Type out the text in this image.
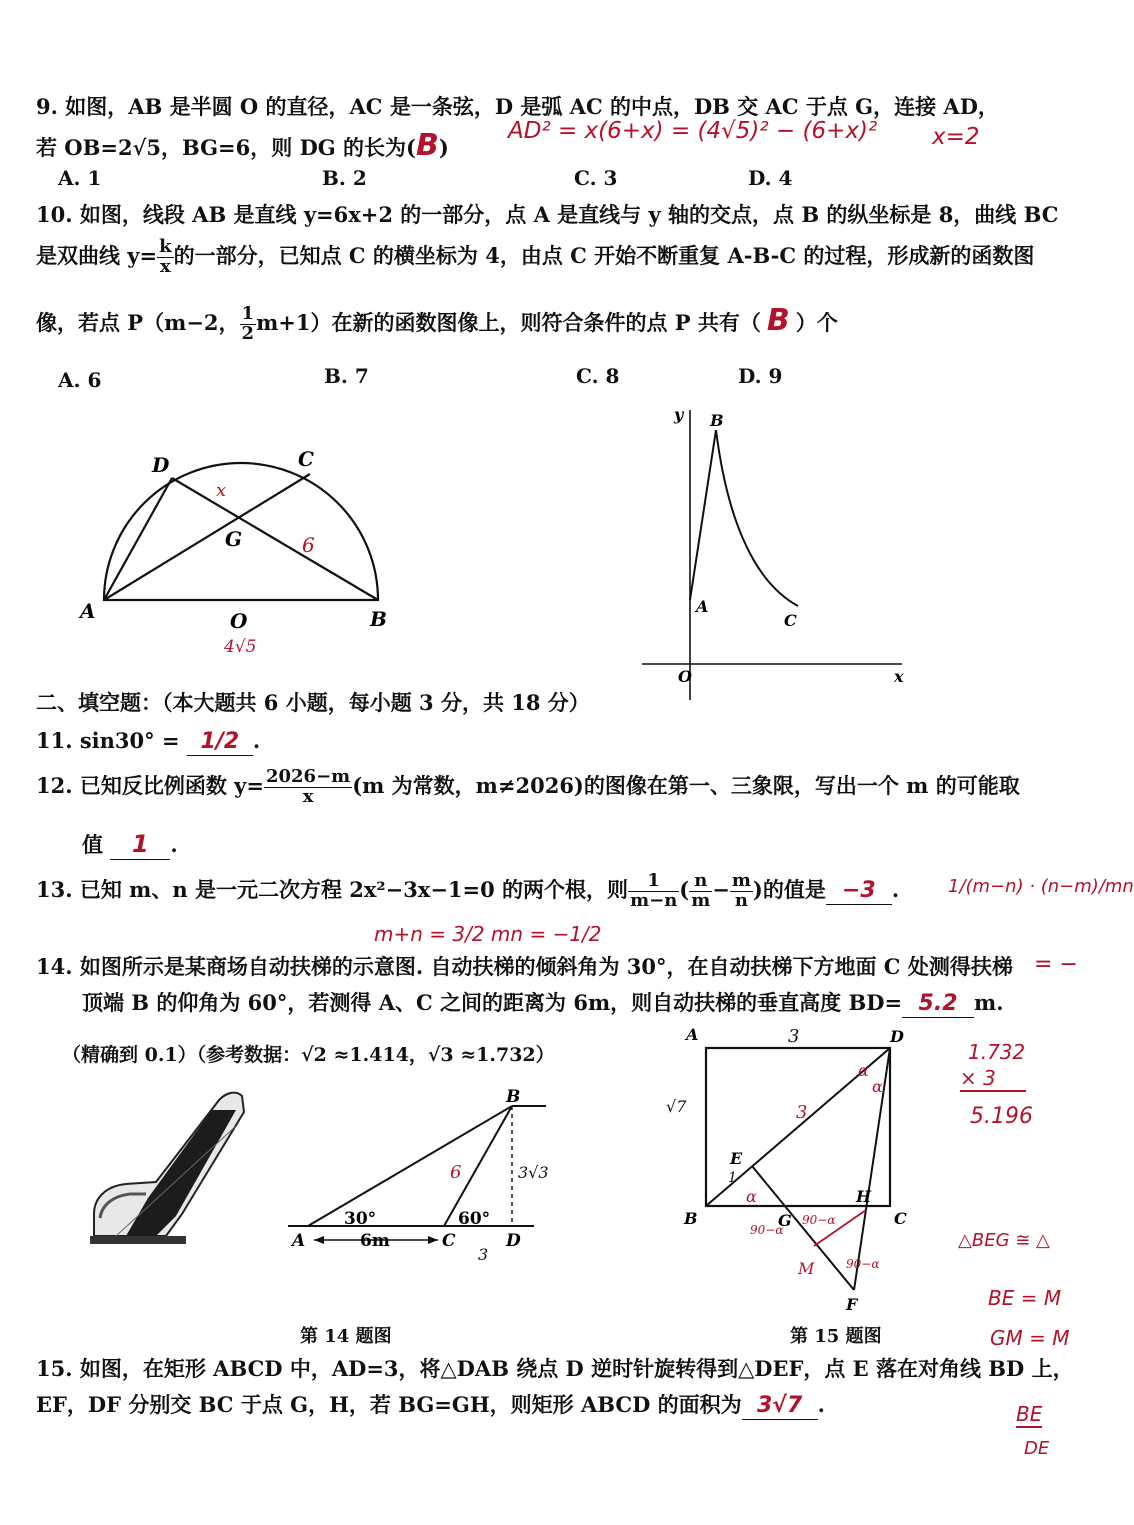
9. 如图，AB 是半圆 O 的直径，AC 是一条弦，D 是弧 AC 的中点，DB 交 AC 于点 G，连接 AD，
若 OB=2√5，BG=6，则 DG 的长为(B)
AD² = x(6+x) = (4√5)² − (6+x)² x=2
A. 1	B. 2	C. 3	D. 4
10. 如图，线段 AB 是直线 y=6x+2 的一部分，点 A 是直线与 y 轴的交点，点 B 的纵坐标是 8，曲线 BC
是双曲线 $y= \frac{k}{x}$ 的一部分，已知点 C 的横坐标为 4，由点 C 开始不断重复 A-B-C 的过程，形成新的函数图
像，若点 P（m−2， $\frac{1}{2} m+1$）在新的函数图像上，则符合条件的点 P 共有（ B ）个
A. 6	B. 7	C. 8	D. 9
D	C
G
A	O	B
x
6
4√5
y B
A
C
O	x
二、填空题：（本大题共 6 小题，每小题 3 分，共 18 分）
11. sin30° = 1/2 .
12. 已知反比例函数 $y= \frac{2026-m}{x} (m$ 为常数，m≠2026)的图像在第一、三象限，写出一个 m 的可能取
值 1 .
13. 已知 m、n 是一元二次方程 2x²−3x−1=0 的两个根，则 $\frac{1}{m-n}$ ( $\frac{n}{m} - \frac{m}{n}$ )的值是 −3 .
m+n = 3/2 mn = −1/2
1/(m−n) · (n−m)/mn
14. 如图所示是某商场自动扶梯的示意图. 自动扶梯的倾斜角为 30°，在自动扶梯下方地面 C 处测得扶梯 = −
顶端 B 的仰角为 60°，若测得 A、C 之间的距离为 6m，则自动扶梯的垂直高度 BD= 5.2 m.
（精确到 0.1）（参考数据：√2 ≈1.414，√3 ≈1.732）	1.732
× 3
5.196
B
30°	60°
A	6m	C	D
6	3√3
3
第 14 题图
A	D
E
B	G
H
C
F
3
3
√7
α
α
α
90−α
90−α
90−α
M
1
第 15 题图
△BEG ≅ △
BE = M
GM = M
BE
DE
15. 如图，在矩形 ABCD 中，AD=3，将△DAB 绕点 D 逆时针旋转得到△DEF，点 E 落在对角线 BD 上，
EF，DF 分别交 BC 于点 G，H，若 BG=GH，则矩形 ABCD 的面积为 3√7 .
